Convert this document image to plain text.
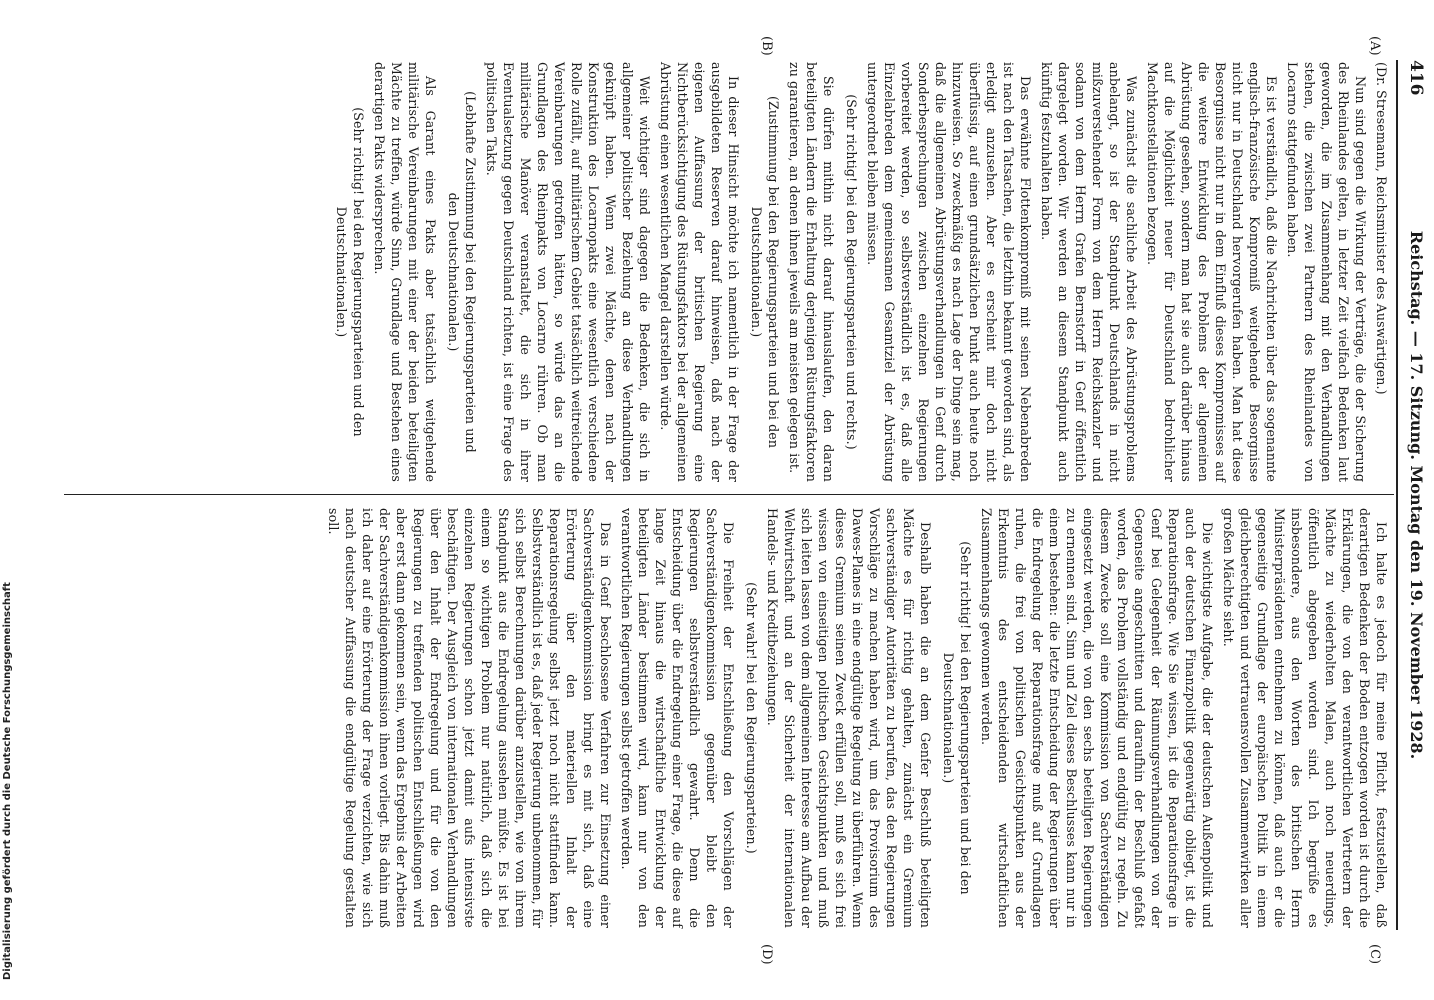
416
Reichstag. — 17. Sitzung. Montag den 19. November 1928.
(A)
(B)
(C)
(D)

(Dr. Stresemann, Reichsminister des Auswärtigen.)

Nun sind gegen die Wirkung der Verträge, die der Sicherung des Rheinlandes gelten, in letzter Zeit vielfach Bedenken laut geworden, die im Zusammenhang mit den Verhandlungen stehen, die zwischen zwei Partnern des Rheinlandes von Locarno stattgefunden haben.

Es ist verständlich, daß die Nachrichten über das sogenannte englisch-französische Kompromiß weitgehende Besorgnisse nicht nur in Deutschland hervorgerufen haben. Man hat diese Besorgnisse nicht nur in dem Einfluß dieses Kompromisses auf die weitere Entwicklung des Problems der allgemeinen Abrüstung gesehen, sondern man hat sie auch darüber hinaus auf die Möglichkeit neuer für Deutschland bedrohlicher Machtkonstellationen bezogen.

Was zunächst die sachliche Arbeit des Abrüstungsproblems anbelangt, so ist der Standpunkt Deutschlands in nicht mißzuverstehender Form von dem Herrn Reichskanzler und sodann von dem Herrn Grafen Bernstorff in Genf öffentlich dargelegt worden. Wir werden an diesem Standpunkt auch künftig festzuhalten haben.

Das erwähnte Flottenkompromiß mit seinen Nebenabreden ist nach den Tatsachen, die letzthin bekannt geworden sind, als erledigt anzusehen. Aber es erscheint mir doch nicht überflüssig, auf einen grundsätzlichen Punkt auch heute noch hinzuweisen. So zweckmäßig es nach Lage der Dinge sein mag, daß die allgemeinen Abrüstungsverhandlungen in Genf durch Sonderbesprechungen zwischen einzelnen Regierungen vorbereitet werden, so selbstverständlich ist es, daß alle Einzelabreden dem gemeinsamen Gesamtziel der Abrüstung untergeordnet bleiben müssen.

(Sehr richtig! bei den Regierungsparteien und rechts.)

Sie dürfen mithin nicht darauf hinauslaufen, den daran beteiligten Ländern die Erhaltung derjenigen Rüstungsfaktoren zu garantieren, an denen ihnen jeweils am meisten gelegen ist.

(Zustimmung bei den Regierungsparteien und bei den Deutschnationalen.)

In dieser Hinsicht möchte ich namentlich in der Frage der ausgebildeten Reserven darauf hinweisen, daß nach der eigenen Auffassung der britischen Regierung eine Nichtberücksichtigung des Rüstungsfaktors bei der allgemeinen Abrüstung einen wesentlichen Mangel darstellen würde.

Weit wichtiger sind dagegen die Bedenken, die sich in allgemeiner politischer Beziehung an diese Verhandlungen geknüpft haben. Wenn zwei Mächte, denen nach der Konstruktion des Locarnopakts eine wesentlich verschiedene Rolle zufällt, auf militärischem Gebiet tatsächlich weitreichende Vereinbarungen getroffen hätten, so würde das an die Grundlagen des Rheinpakts von Locarno rühren. Ob man militärische Manöver veranstaltet, die sich in ihrer Eventualsetzung gegen Deutschland richten, ist eine Frage des politischen Takts.

(Lebhafte Zustimmung bei den Regierungsparteien und den Deutschnationalen.)

Als Garant eines Pakts aber tatsächlich weitgehende militärische Vereinbarungen mit einer der beiden beteiligten Mächte zu treffen, würde Sinn, Grundlage und Bestehen eines derartigen Pakts widersprechen.

(Sehr richtig! bei den Regierungsparteien und den Deutschnationalen.)

Ich halte es jedoch für meine Pflicht, festzustellen, daß derartigen Bedenken der Boden entzogen worden ist durch die Erklärungen, die von den verantwortlichen Vertretern der Mächte zu wiederholten Malen, auch noch neuerdings, öffentlich abgegeben worden sind. Ich begrüße es insbesondere, aus den Worten des britischen Herrn Ministerpräsidenten entnehmen zu können, daß auch er die gegenseitige Grundlage der europäischen Politik in einem gleichberechtigten und vertrauensvollen Zusammenwirken aller großen Mächte sieht.

Die wichtigste Aufgabe, die der deutschen Außenpolitik und auch der deutschen Finanzpolitik gegenwärtig obliegt, ist die Reparationsfrage. Wie Sie wissen, ist die Reparationsfrage in Genf bei Gelegenheit der Räumungsverhandlungen von der Gegenseite angeschnitten und daraufhin der Beschluß gefaßt worden, das Problem vollständig und endgültig zu regeln. Zu diesem Zwecke soll eine Kommission von Sachverständigen eingesetzt werden, die von den sechs beteiligten Regierungen zu ernennen sind. Sinn und Ziel dieses Beschlusses kann nur in einem bestehen: die letzte Entscheidung der Regierungen über die Endregelung der Reparationsfrage muß auf Grundlagen ruhen, die frei von politischen Gesichtspunkten aus der Erkenntnis des entscheidenden wirtschaftlichen Zusammenhangs gewonnen werden.

(Sehr richtig! bei den Regierungsparteien und bei den Deutschnationalen.)

Deshalb haben die an dem Genfer Beschluß beteiligten Mächte es für richtig gehalten, zunächst ein Gremium sachverständiger Autoritäten zu berufen, das den Regierungen Vorschläge zu machen haben wird, um das Provisorium des Dawes-Planes in eine endgültige Regelung zu überführen. Wenn dieses Gremium seinen Zweck erfüllen soll, muß es sich frei wissen von einseitigen politischen Gesichtspunkten und muß sich leiten lassen von dem allgemeinen Interesse am Aufbau der Weltwirtschaft und an der Sicherheit der internationalen Handels- und Kreditbeziehungen.

(Sehr wahr! bei den Regierungsparteien.)

Die Freiheit der Entschließung den Vorschlägen der Sachverständigenkommission gegenüber bleibt den Regierungen selbstverständlich gewahrt. Denn die Entscheidung über die Endregelung einer Frage, die diese auf lange Zeit hinaus die wirtschaftliche Entwicklung der beteiligten Länder bestimmen wird, kann nur von den verantwortlichen Regierungen selbst getroffen werden.

Das in Genf beschlossene Verfahren zur Einsetzung einer Sachverständigenkommission bringt es mit sich, daß eine Erörterung über den materiellen Inhalt der Reparationsregelung selbst jetzt noch nicht stattfinden kann. Selbstverständlich ist es, daß jeder Regierung unbenommen, für sich selbst Berechnungen darüber anzustellen, wie von ihrem Standpunkt aus die Endregelung aussehen müßte. Es ist bei einem so wichtigen Problem nur natürlich, daß sich die einzelnen Regierungen schon jetzt damit aufs intensivste beschäftigen. Der Ausgleich von internationalen Verhandlungen über den Inhalt der Endregelung und für die von den Regierungen zu treffenden politischen Entschließungen wird aber erst dann gekommen sein, wenn das Ergebnis der Arbeiten der Sachverständigenkommission ihnen vorliegt. Bis dahin muß ich daher auf eine Erörterung der Frage verzichten, wie sich nach deutscher Auffassung die endgültige Regelung gestalten soll.

Digitalisierung gefördert durch die Deutsche Forschungsgemeinschaft
